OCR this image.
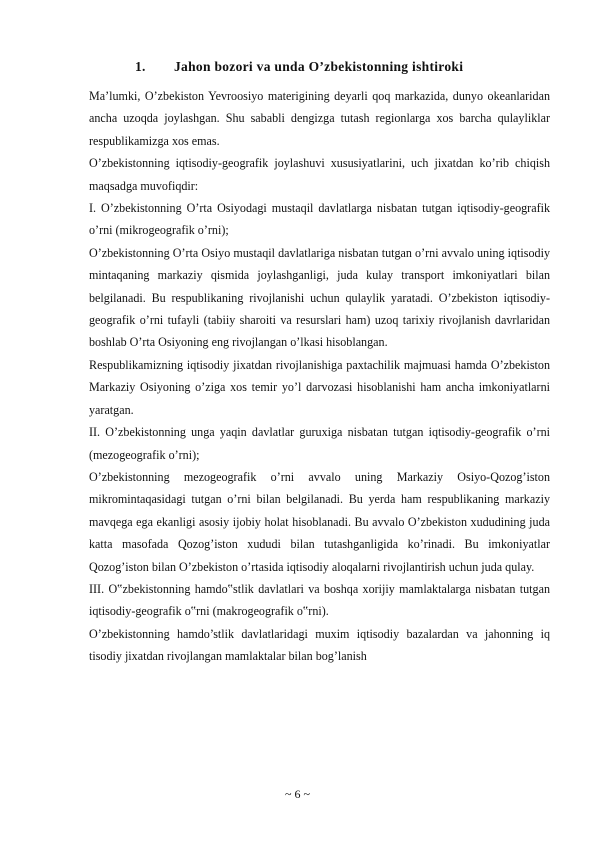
1. Jahon bozori va unda O’zbekistonning ishtiroki

Ma’lumki, O’zbekiston Yevroosiyo materigining deyarli qoq markazida, dunyo okeanlaridan ancha uzoqda joylashgan. Shu sababli dengizga tutash regionlarga xos barcha qulayliklar respublikamizga xos emas.

O’zbekistonning iqtisodiy-geografik joylashuvi xususiyatlarini, uch jixatdan ko’rib chiqish maqsadga muvofiqdir:

I. O’zbekistonning O’rta Osiyodagi mustaqil davlatlarga nisbatan tutgan iqtisodiy-geografik o’rni (mikrogeografik o’rni);

O’zbekistonning O’rta Osiyo mustaqil davlatlariga nisbatan tutgan o’rni avvalo uning iqtisodiy mintaqaning markaziy qismida joylashganligi, juda kulay transport imkoniyatlari bilan belgilanadi. Bu respublikaning rivojlanishi uchun qulaylik yaratadi. O’zbekiston iqtisodiy-geografik o’rni tufayli (tabiiy sharoiti va resurslari ham) uzoq tarixiy rivojlanish davrlaridan boshlab O’rta Osiyoning eng rivojlangan o’lkasi hisoblangan.

Respublikamizning iqtisodiy jixatdan rivojlanishiga paxtachilik majmuasi hamda O’zbekiston Markaziy Osiyoning o’ziga xos temir yo’l darvozasi hisoblanishi ham ancha imkoniyatlarni yaratgan.

II. O’zbekistonning unga yaqin davlatlar guruxiga nisbatan tutgan iqtisodiy-geografik o’rni (mezogeografik o’rni);

O’zbekistonning mezogeografik o’rni avvalo uning Markaziy Osiyo-Qozog’iston mikromintaqasidagi tutgan o’rni bilan belgilanadi. Bu yerda ham respublikaning markaziy mavqega ega ekanligi asosiy ijobiy holat hisoblanadi. Bu avvalo O’zbekiston xududining juda katta masofada Qozog’iston xududi bilan tutashganligida ko’rinadi. Bu imkoniyatlar Qozog’iston bilan O’zbekiston o’rtasida iqtisodiy aloqalarni rivojlantirish uchun juda qulay.

III. O‟zbekistonning hamdo‟stlik davlatlari va boshqa xorijiy mamlaktalarga nisbatan tutgan iqtisodiy-geografik o‟rni (makrogeografik o‟rni).

O’zbekistonning hamdo’stlik davlatlaridagi muxim iqtisodiy bazalardan va jahonning iq tisodiy jixatdan rivojlangan mamlaktalar bilan bog’lanish

~ 6 ~
